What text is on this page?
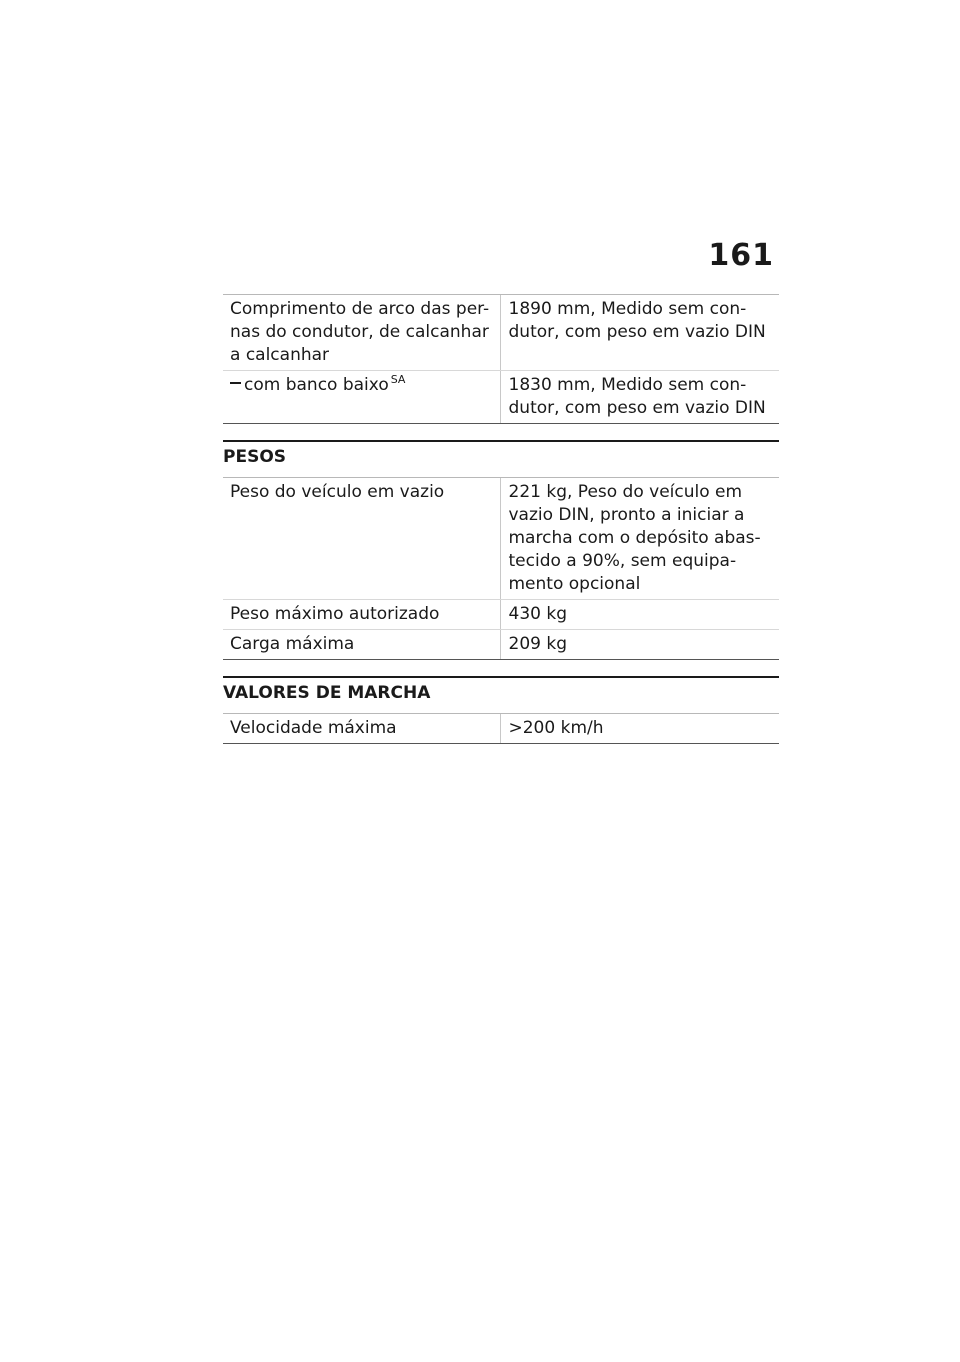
161
Comprimento de arco das per-nas do condutor, de calcanhar a calcanhar	1890 mm, Medido sem con-dutor, com peso em vazio DIN
com banco baixo $^{SA}$	1830 mm, Medido sem con-dutor, com peso em vazio DIN
PESOS
Peso do veículo em vazio	221 kg, Peso do veículo em vazio DIN, pronto a iniciar a marcha com o depósito abas-tecido a 90%, sem equipa-mento opcional
Peso máximo autorizado	430 kg
Carga máxima	209 kg
VALORES DE MARCHA
Velocidade máxima	>200 km/h
